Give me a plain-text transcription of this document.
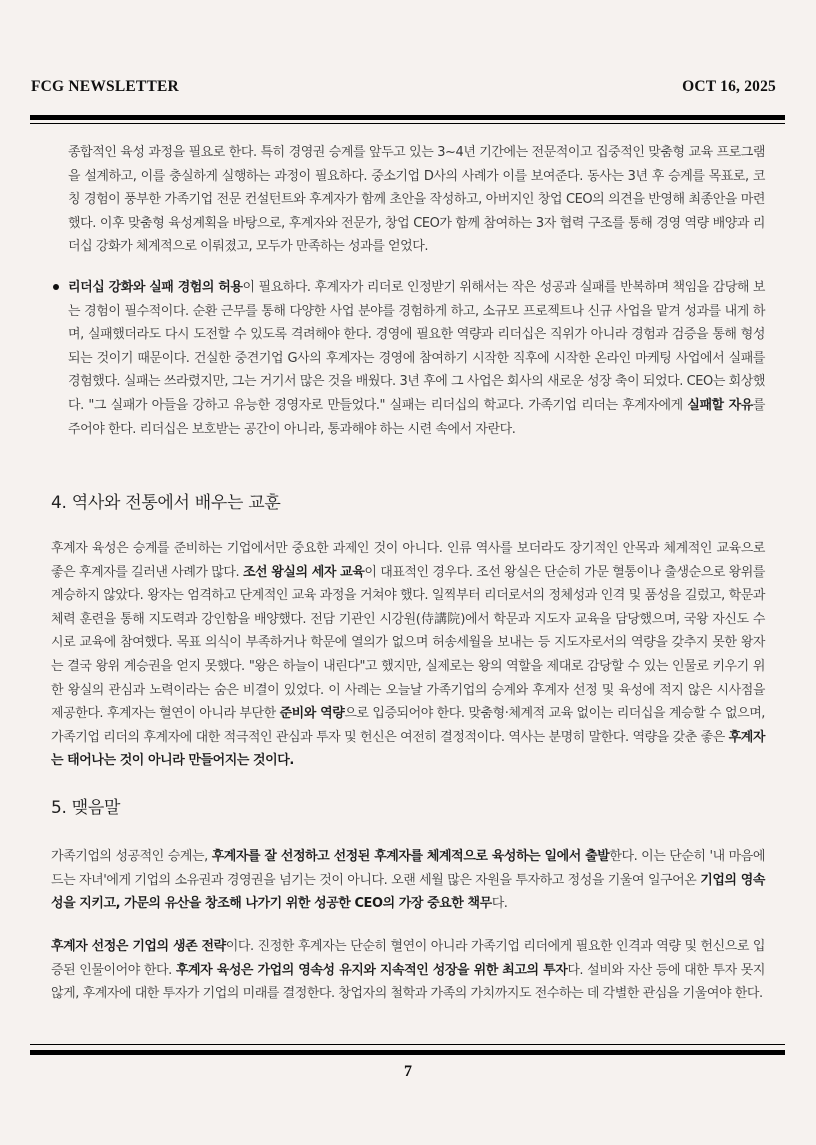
FCG NEWSLETTER	OCT 16, 2025
종합적인 육성 과정을 필요로 한다. 특히 경영권 승계를 앞두고 있는 3~4년 기간에는 전문적이고 집중적인 맞춤형 교육 프로그램을 설계하고, 이를 충실하게 실행하는 과정이 필요하다. 중소기업 D사의 사례가 이를 보여준다. 동사는 3년 후 승계를 목표로, 코칭 경험이 풍부한 가족기업 전문 컨설턴트와 후계자가 함께 초안을 작성하고, 아버지인 창업 CEO의 의견을 반영해 최종안을 마련했다. 이후 맞춤형 육성계획을 바탕으로, 후계자와 전문가, 창업 CEO가 함께 참여하는 3자 협력 구조를 통해 경영 역량 배양과 리더십 강화가 체계적으로 이뤄졌고, 모두가 만족하는 성과를 얻었다.
리더십 강화와 실패 경험의 허용이 필요하다. 후계자가 리더로 인정받기 위해서는 작은 성공과 실패를 반복하며 책임을 감당해 보는 경험이 필수적이다. 순환 근무를 통해 다양한 사업 분야를 경험하게 하고, 소규모 프로젝트나 신규 사업을 맡겨 성과를 내게 하며, 실패했더라도 다시 도전할 수 있도록 격려해야 한다. 경영에 필요한 역량과 리더십은 직위가 아니라 경험과 검증을 통해 형성되는 것이기 때문이다. 건실한 중견기업 G사의 후계자는 경영에 참여하기 시작한 직후에 시작한 온라인 마케팅 사업에서 실패를 경험했다. 실패는 쓰라렸지만, 그는 거기서 많은 것을 배웠다. 3년 후에 그 사업은 회사의 새로운 성장 축이 되었다. CEO는 회상했다. "그 실패가 아들을 강하고 유능한 경영자로 만들었다." 실패는 리더십의 학교다. 가족기업 리더는 후계자에게 실패할 자유를 주어야 한다. 리더십은 보호받는 공간이 아니라, 통과해야 하는 시련 속에서 자란다.
4. 역사와 전통에서 배우는 교훈
후계자 육성은 승계를 준비하는 기업에서만 중요한 과제인 것이 아니다. 인류 역사를 보더라도 장기적인 안목과 체계적인 교육으로 좋은 후계자를 길러낸 사례가 많다. 조선 왕실의 세자 교육이 대표적인 경우다. 조선 왕실은 단순히 가문 혈통이나 출생순으로 왕위를 계승하지 않았다. 왕자는 엄격하고 단계적인 교육 과정을 거쳐야 했다. 일찍부터 리더로서의 정체성과 인격 및 품성을 길렀고, 학문과 체력 훈련을 통해 지도력과 강인함을 배양했다. 전담 기관인 시강원(侍講院)에서 학문과 지도자 교육을 담당했으며, 국왕 자신도 수시로 교육에 참여했다. 목표 의식이 부족하거나 학문에 열의가 없으며 허송세월을 보내는 등 지도자로서의 역량을 갖추지 못한 왕자는 결국 왕위 계승권을 얻지 못했다. "왕은 하늘이 내린다"고 했지만, 실제로는 왕의 역할을 제대로 감당할 수 있는 인물로 키우기 위한 왕실의 관심과 노력이라는 숨은 비결이 있었다. 이 사례는 오늘날 가족기업의 승계와 후계자 선정 및 육성에 적지 않은 시사점을 제공한다. 후계자는 혈연이 아니라 부단한 준비와 역량으로 입증되어야 한다. 맞춤형·체계적 교육 없이는 리더십을 계승할 수 없으며, 가족기업 리더의 후계자에 대한 적극적인 관심과 투자 및 헌신은 여전히 결정적이다. 역사는 분명히 말한다. 역량을 갖춘 좋은 후계자는 태어나는 것이 아니라 만들어지는 것이다.
5. 맺음말
가족기업의 성공적인 승계는, 후계자를 잘 선정하고 선정된 후계자를 체계적으로 육성하는 일에서 출발한다. 이는 단순히 '내 마음에 드는 자녀'에게 기업의 소유권과 경영권을 넘기는 것이 아니다. 오랜 세월 많은 자원을 투자하고 정성을 기울여 일구어온 기업의 영속성을 지키고, 가문의 유산을 창조해 나가기 위한 성공한 CEO의 가장 중요한 책무다.
후계자 선정은 기업의 생존 전략이다. 진정한 후계자는 단순히 혈연이 아니라 가족기업 리더에게 필요한 인격과 역량 및 헌신으로 입증된 인물이어야 한다. 후계자 육성은 가업의 영속성 유지와 지속적인 성장을 위한 최고의 투자다. 설비와 자산 등에 대한 투자 못지않게, 후계자에 대한 투자가 기업의 미래를 결정한다. 창업자의 철학과 가족의 가치까지도 전수하는 데 각별한 관심을 기울여야 한다.
7
